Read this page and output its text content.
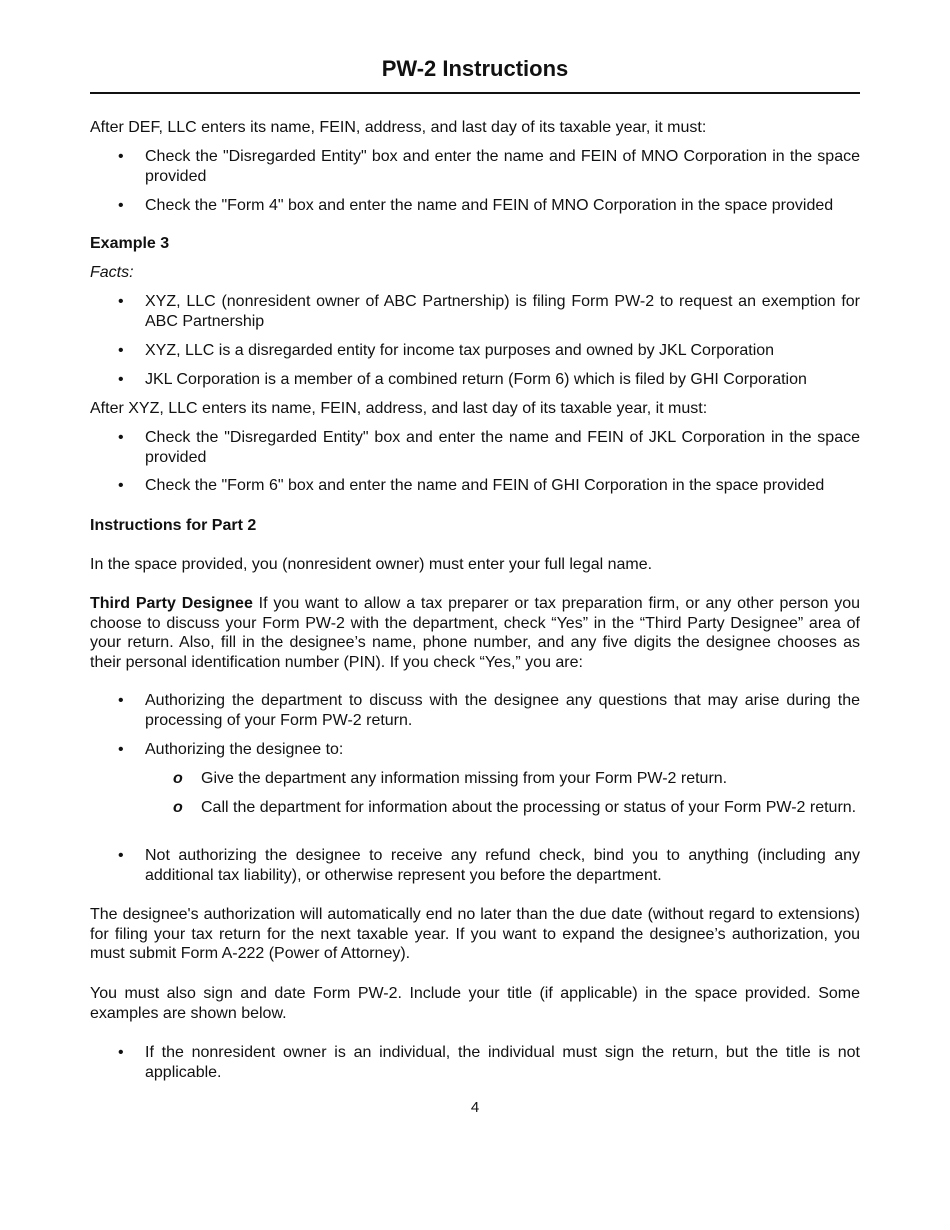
PW-2 Instructions
After DEF, LLC enters its name, FEIN, address, and last day of its taxable year, it must:
• Check the "Disregarded Entity" box and enter the name and FEIN of MNO Corporation in the space provided
• Check the "Form 4" box and enter the name and FEIN of MNO Corporation in the space provided
Example 3
Facts:
• XYZ, LLC (nonresident owner of ABC Partnership) is filing Form PW-2 to request an exemption for ABC Partnership
• XYZ, LLC is a disregarded entity for income tax purposes and owned by JKL Corporation
• JKL Corporation is a member of a combined return (Form 6) which is filed by GHI Corporation
After XYZ, LLC enters its name, FEIN, address, and last day of its taxable year, it must:
• Check the "Disregarded Entity" box and enter the name and FEIN of JKL Corporation in the space provided
• Check the "Form 6" box and enter the name and FEIN of GHI Corporation in the space provided
Instructions for Part 2
In the space provided, you (nonresident owner) must enter your full legal name.
Third Party Designee If you want to allow a tax preparer or tax preparation firm, or any other person you choose to discuss your Form PW-2 with the department, check “Yes” in the “Third Party Designee” area of your return. Also, fill in the designee’s name, phone number, and any five digits the designee chooses as their personal identification number (PIN). If you check “Yes,” you are:
• Authorizing the department to discuss with the designee any questions that may arise during the processing of your Form PW-2 return.
• Authorizing the designee to:
o Give the department any information missing from your Form PW-2 return.
o Call the department for information about the processing or status of your Form PW-2 return.
• Not authorizing the designee to receive any refund check, bind you to anything (including any additional tax liability), or otherwise represent you before the department.
The designee's authorization will automatically end no later than the due date (without regard to extensions) for filing your tax return for the next taxable year. If you want to expand the designee’s authorization, you must submit Form A-222 (Power of Attorney).
You must also sign and date Form PW-2. Include your title (if applicable) in the space provided. Some examples are shown below.
• If the nonresident owner is an individual, the individual must sign the return, but the title is not applicable.
4
